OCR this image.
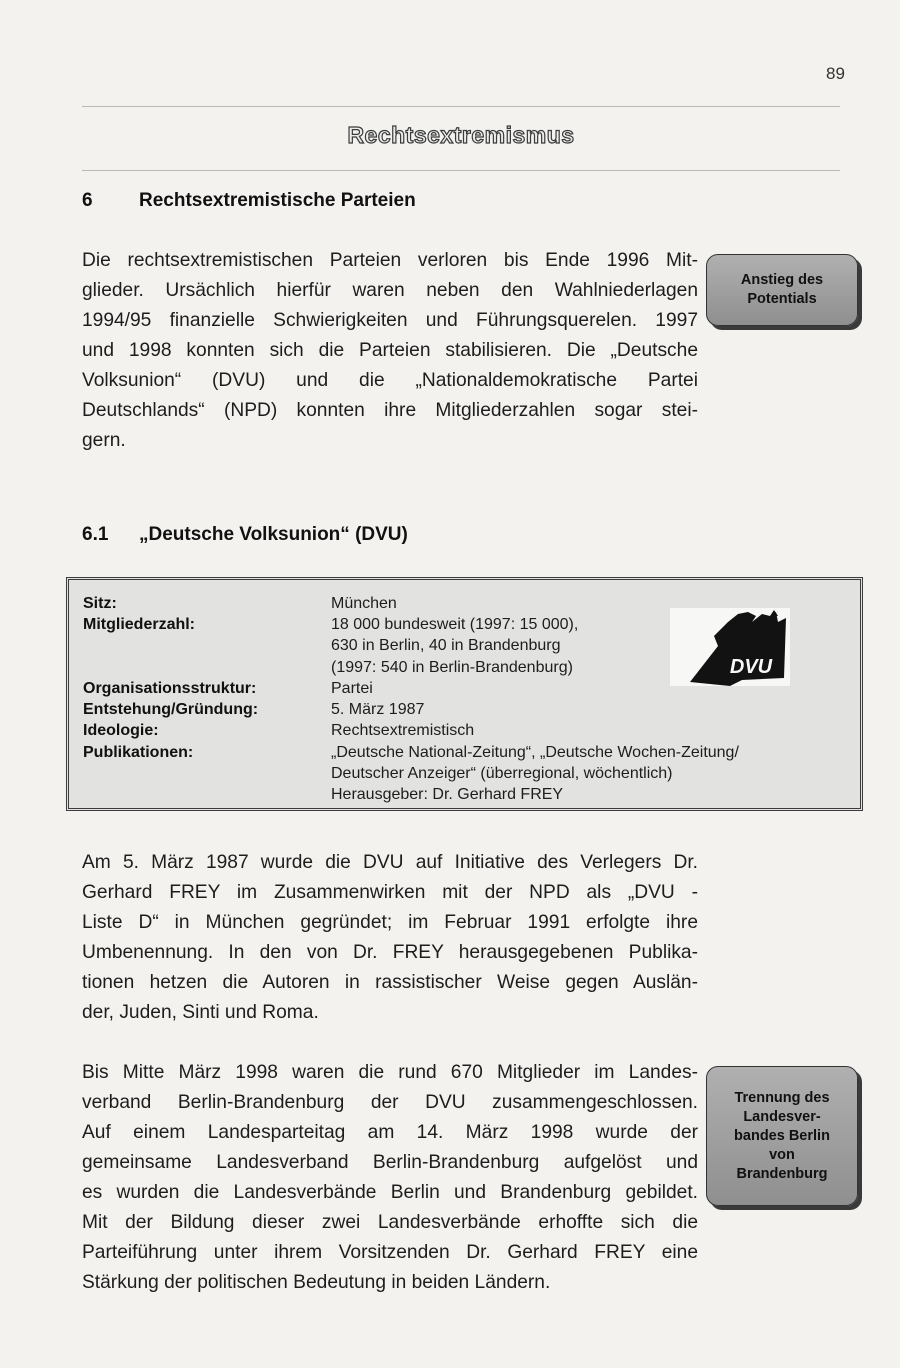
89
Rechtsextremismus
6 Rechtsextremistische Parteien
Die rechtsextremistischen Parteien verloren bis Ende 1996 Mit-
glieder. Ursächlich hierfür waren neben den Wahlniederlagen
1994/95 finanzielle Schwierigkeiten und Führungsquerelen. 1997
und 1998 konnten sich die Parteien stabilisieren. Die „Deutsche
Volksunion“ (DVU) und die „Nationaldemokratische Partei
Deutschlands“ (NPD) konnten ihre Mitgliederzahlen sogar stei-
gern.
Anstieg des
Potentials
6.1 „Deutsche Volksunion“ (DVU)
Sitz:	München
Mitgliederzahl:	18 000 bundesweit (1997: 15 000),
630 in Berlin, 40 in Brandenburg
(1997: 540 in Berlin-Brandenburg)
Organisationsstruktur:	Partei
Entstehung/Gründung:	5. März 1987
Ideologie:	Rechtsextremistisch
Publikationen:	„Deutsche National-Zeitung“, „Deutsche Wochen-Zeitung/
Deutscher Anzeiger“ (überregional, wöchentlich)
Herausgeber: Dr. Gerhard FREY
DVU
Am 5. März 1987 wurde die DVU auf Initiative des Verlegers Dr.
Gerhard FREY im Zusammenwirken mit der NPD als „DVU -
Liste D“ in München gegründet; im Februar 1991 erfolgte ihre
Umbenennung. In den von Dr. FREY herausgegebenen Publika-
tionen hetzen die Autoren in rassistischer Weise gegen Auslän-
der, Juden, Sinti und Roma.
Bis Mitte März 1998 waren die rund 670 Mitglieder im Landes-
verband Berlin-Brandenburg der DVU zusammengeschlossen.
Auf einem Landesparteitag am 14. März 1998 wurde der
gemeinsame Landesverband Berlin-Brandenburg aufgelöst und
es wurden die Landesverbände Berlin und Brandenburg gebildet.
Mit der Bildung dieser zwei Landesverbände erhoffte sich die
Parteiführung unter ihrem Vorsitzenden Dr. Gerhard FREY eine
Stärkung der politischen Bedeutung in beiden Ländern.
Trennung des
Landesver-
bandes Berlin
von
Brandenburg
